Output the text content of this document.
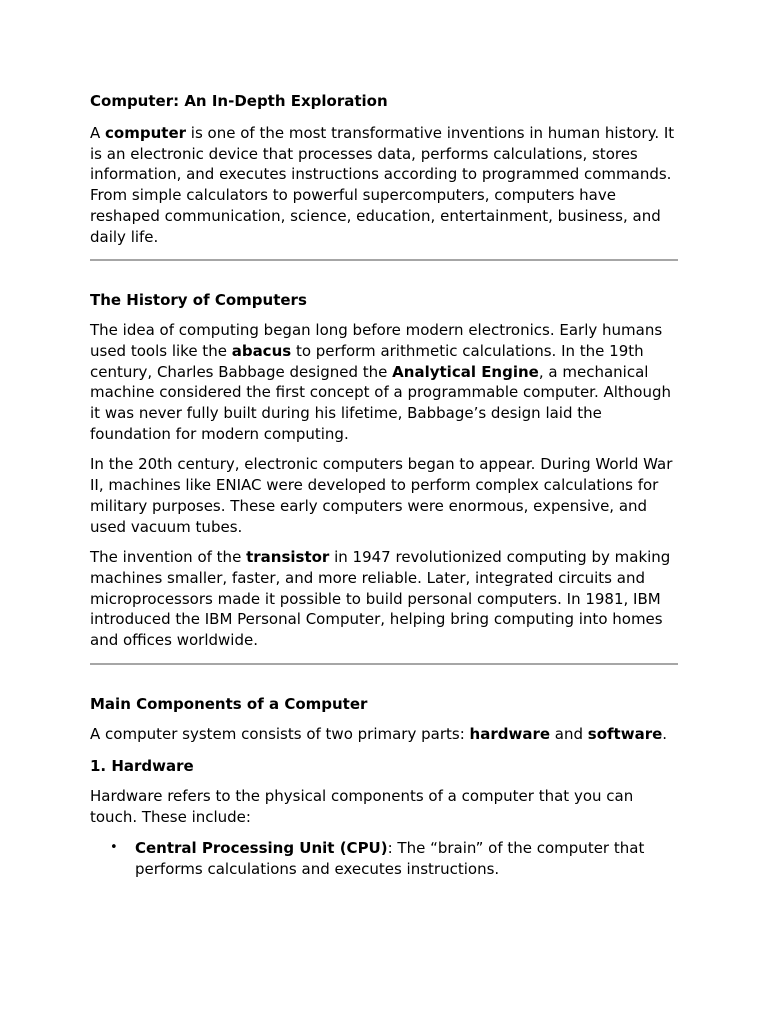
Computer: An In-Depth Exploration

A computer is one of the most transformative inventions in human history. It is an electronic device that processes data, performs calculations, stores information, and executes instructions according to programmed commands. From simple calculators to powerful supercomputers, computers have reshaped communication, science, education, entertainment, business, and daily life.

The History of Computers

The idea of computing began long before modern electronics. Early humans used tools like the abacus to perform arithmetic calculations. In the 19th century, Charles Babbage designed the Analytical Engine, a mechanical machine considered the first concept of a programmable computer. Although it was never fully built during his lifetime, Babbage’s design laid the foundation for modern computing.

In the 20th century, electronic computers began to appear. During World War II, machines like ENIAC were developed to perform complex calculations for military purposes. These early computers were enormous, expensive, and used vacuum tubes.

The invention of the transistor in 1947 revolutionized computing by making machines smaller, faster, and more reliable. Later, integrated circuits and microprocessors made it possible to build personal computers. In 1981, IBM introduced the IBM Personal Computer, helping bring computing into homes and offices worldwide.

Main Components of a Computer

A computer system consists of two primary parts: hardware and software.

1. Hardware

Hardware refers to the physical components of a computer that you can touch. These include:

• Central Processing Unit (CPU): The “brain” of the computer that performs calculations and executes instructions.
